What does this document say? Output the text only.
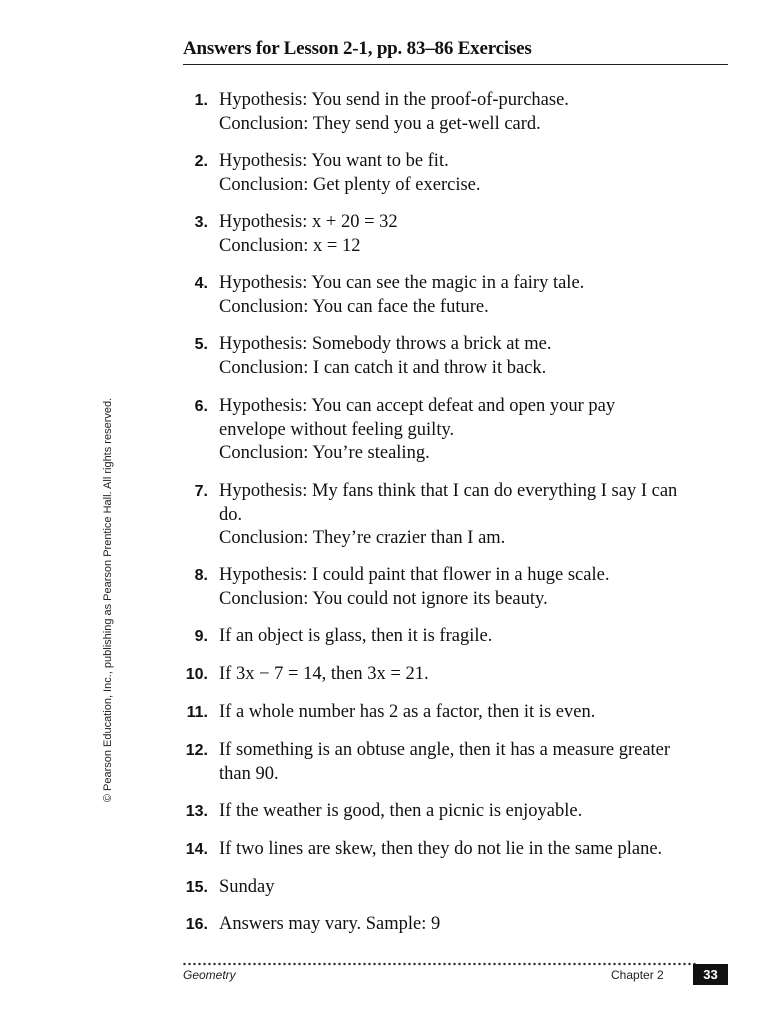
Answers for Lesson 2-1, pp. 83–86 Exercises
© Pearson Education, Inc., publishing as Pearson Prentice Hall. All rights reserved.
1. Hypothesis: You send in the proof-of-purchase.
Conclusion: They send you a get-well card.
2. Hypothesis: You want to be fit.
Conclusion: Get plenty of exercise.
3. Hypothesis: x + 20 = 32
Conclusion: x = 12
4. Hypothesis: You can see the magic in a fairy tale.
Conclusion: You can face the future.
5. Hypothesis: Somebody throws a brick at me.
Conclusion: I can catch it and throw it back.
6. Hypothesis: You can accept defeat and open your pay envelope without feeling guilty.
Conclusion: You’re stealing.
7. Hypothesis: My fans think that I can do everything I say I can do.
Conclusion: They’re crazier than I am.
8. Hypothesis: I could paint that flower in a huge scale.
Conclusion: You could not ignore its beauty.
9. If an object is glass, then it is fragile.
10. If 3x − 7 = 14, then 3x = 21.
11. If a whole number has 2 as a factor, then it is even.
12. If something is an obtuse angle, then it has a measure greater than 90.
13. If the weather is good, then a picnic is enjoyable.
14. If two lines are skew, then they do not lie in the same plane.
15. Sunday
16. Answers may vary. Sample: 9
Geometry	Chapter 2	33
